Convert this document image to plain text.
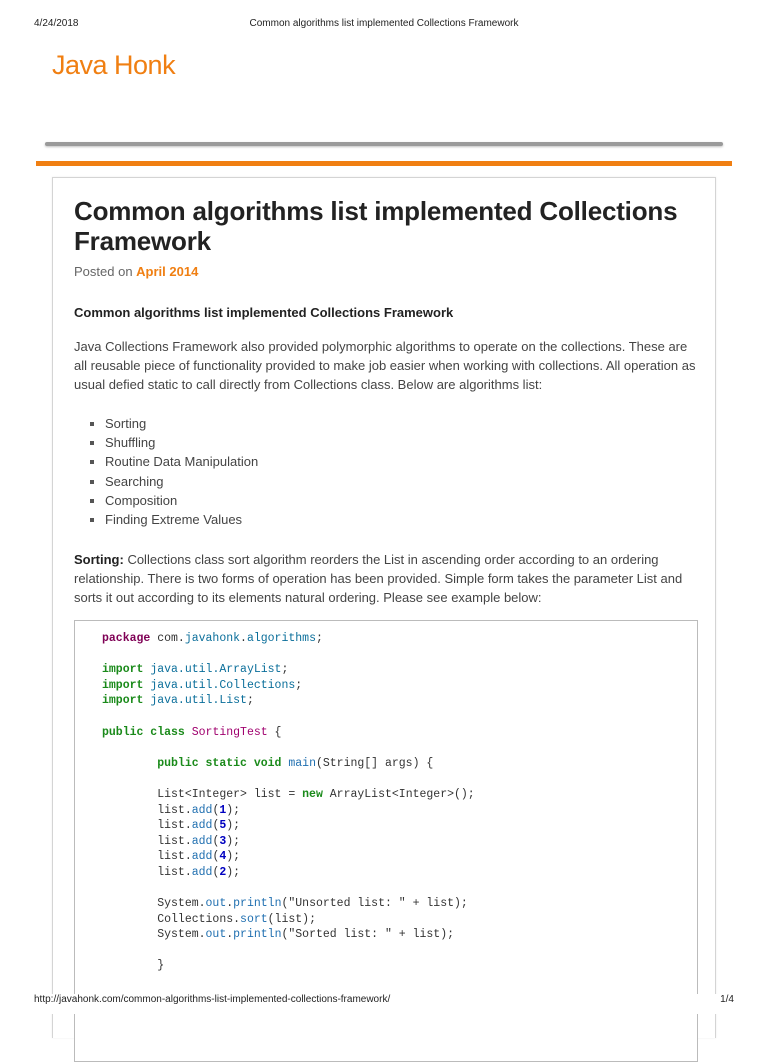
4/24/2018	Common algorithms list implemented Collections Framework
Java Honk
Common algorithms list implemented Collections Framework
Posted on April 2014
Common algorithms list implemented Collections Framework

Java Collections Framework also provided polymorphic algorithms to operate on the collections. These are all reusable piece of functionality provided to make job easier when working with collections. All operation as usual defied static to call directly from Collections class. Below are algorithms list:

Sorting
Shuffling
Routine Data Manipulation
Searching
Composition
Finding Extreme Values

Sorting: Collections class sort algorithm reorders the List in ascending order according to an ordering relationship. There is two forms of operation has been provided. Simple form takes the parameter List and sorts it out according to its elements natural ordering. Please see example below:

package com.javahonk.algorithms;

import java.util.ArrayList;
import java.util.Collections;
import java.util.List;

public class SortingTest {

public static void main(String[] args) {

List<Integer> list = new ArrayList<Integer>();
list.add(1);
list.add(5);
list.add(3);
list.add(4);
list.add(2);

System.out.println("Unsorted list: " + list);
Collections.sort(list);
System.out.println("Sorted list: " + list);

}
http://javahonk.com/common-algorithms-list-implemented-collections-framework/	1/4
